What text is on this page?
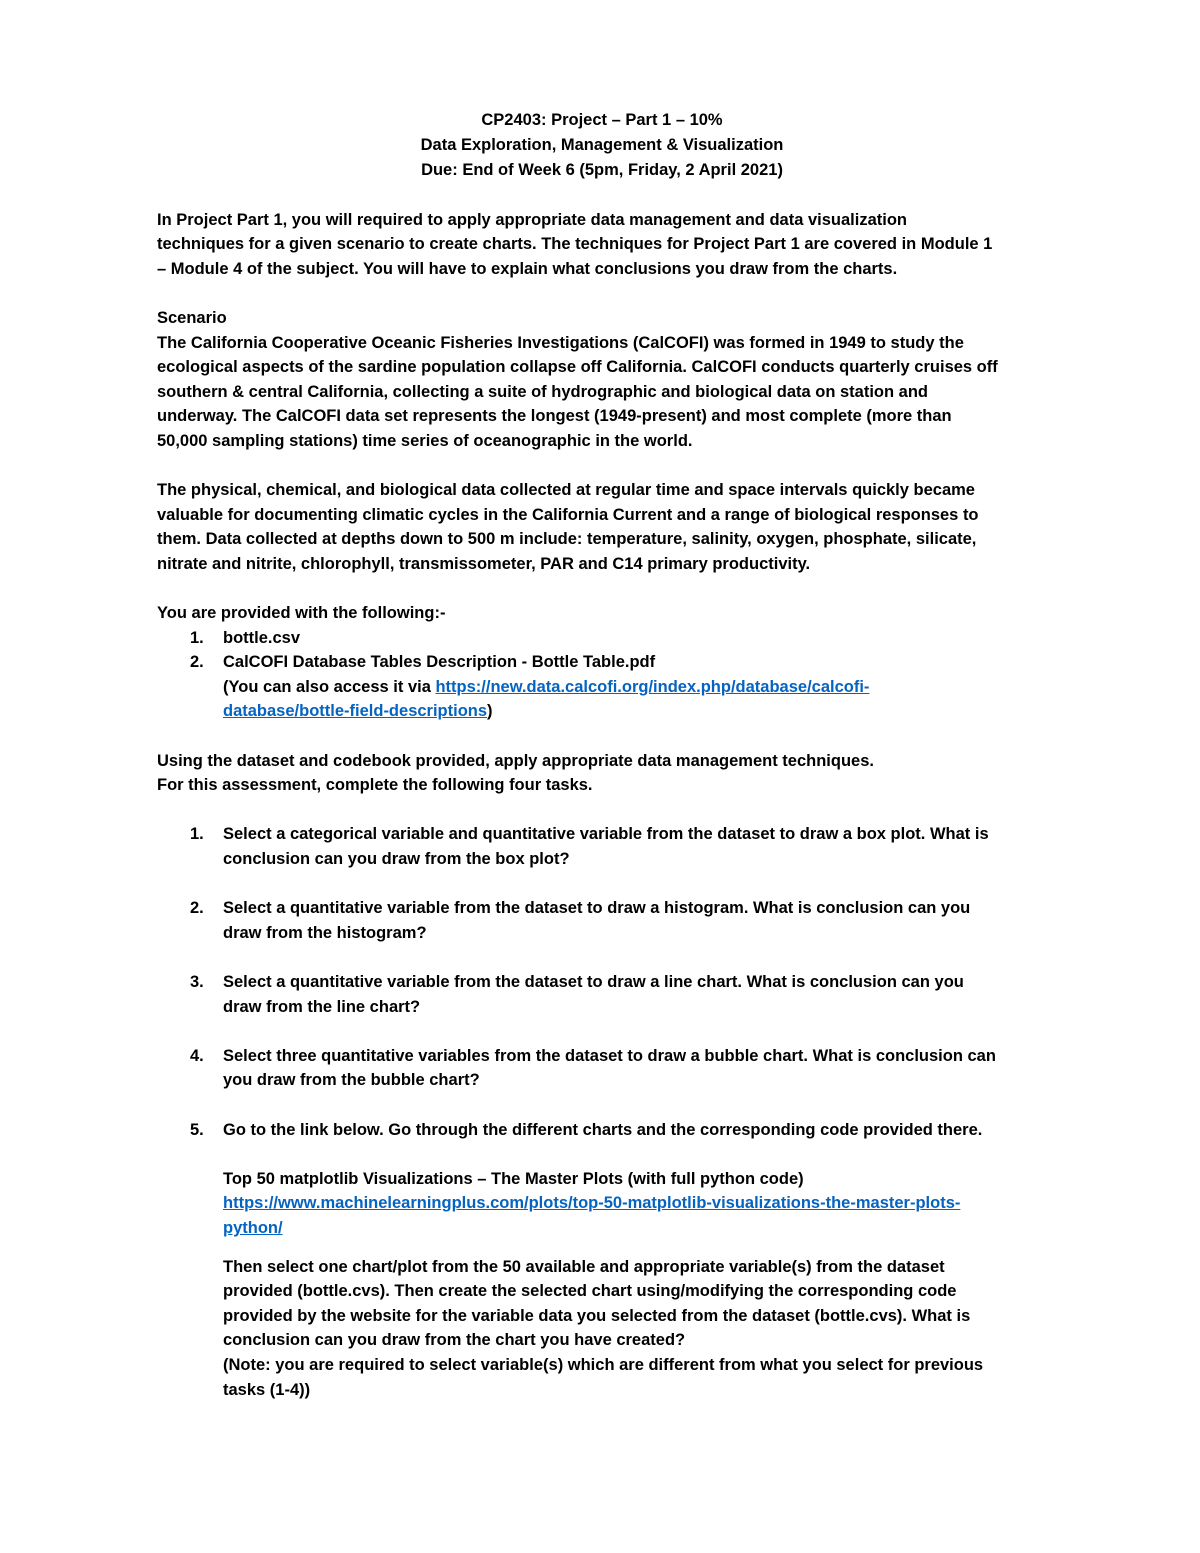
CP2403: Project – Part 1 – 10%
Data Exploration, Management & Visualization
Due: End of Week 6 (5pm, Friday, 2 April 2021)
In Project Part 1, you will required to apply appropriate data management and data visualization
techniques for a given scenario to create charts. The techniques for Project Part 1 are covered in Module 1
– Module 4 of the subject. You will have to explain what conclusions you draw from the charts.
Scenario
The California Cooperative Oceanic Fisheries Investigations (CalCOFI) was formed in 1949 to study the
ecological aspects of the sardine population collapse off California. CalCOFI conducts quarterly cruises off
southern & central California, collecting a suite of hydrographic and biological data on station and
underway. The CalCOFI data set represents the longest (1949-present) and most complete (more than
50,000 sampling stations) time series of oceanographic in the world.
The physical, chemical, and biological data collected at regular time and space intervals quickly became
valuable for documenting climatic cycles in the California Current and a range of biological responses to
them. Data collected at depths down to 500 m include: temperature, salinity, oxygen, phosphate, silicate,
nitrate and nitrite, chlorophyll, transmissometer, PAR and C14 primary productivity.
You are provided with the following:-
1.	bottle.csv
2.	CalCOFI Database Tables Description - Bottle Table.pdf
(You can also access it via https://new.data.calcofi.org/index.php/database/calcofi-
database/bottle-field-descriptions)
Using the dataset and codebook provided, apply appropriate data management techniques.
For this assessment, complete the following four tasks.
1.	Select a categorical variable and quantitative variable from the dataset to draw a box plot. What is
conclusion can you draw from the box plot?
2.	Select a quantitative variable from the dataset to draw a histogram. What is conclusion can you
draw from the histogram?
3.	Select a quantitative variable from the dataset to draw a line chart. What is conclusion can you
draw from the line chart?
4.	Select three quantitative variables from the dataset to draw a bubble chart. What is conclusion can
you draw from the bubble chart?
5.	Go to the link below. Go through the different charts and the corresponding code provided there.
Top 50 matplotlib Visualizations – The Master Plots (with full python code)
https://www.machinelearningplus.com/plots/top-50-matplotlib-visualizations-the-master-plots-
python/
Then select one chart/plot from the 50 available and appropriate variable(s) from the dataset
provided (bottle.cvs). Then create the selected chart using/modifying the corresponding code
provided by the website for the variable data you selected from the dataset (bottle.cvs). What is
conclusion can you draw from the chart you have created?
(Note: you are required to select variable(s) which are different from what you select for previous
tasks (1-4))
